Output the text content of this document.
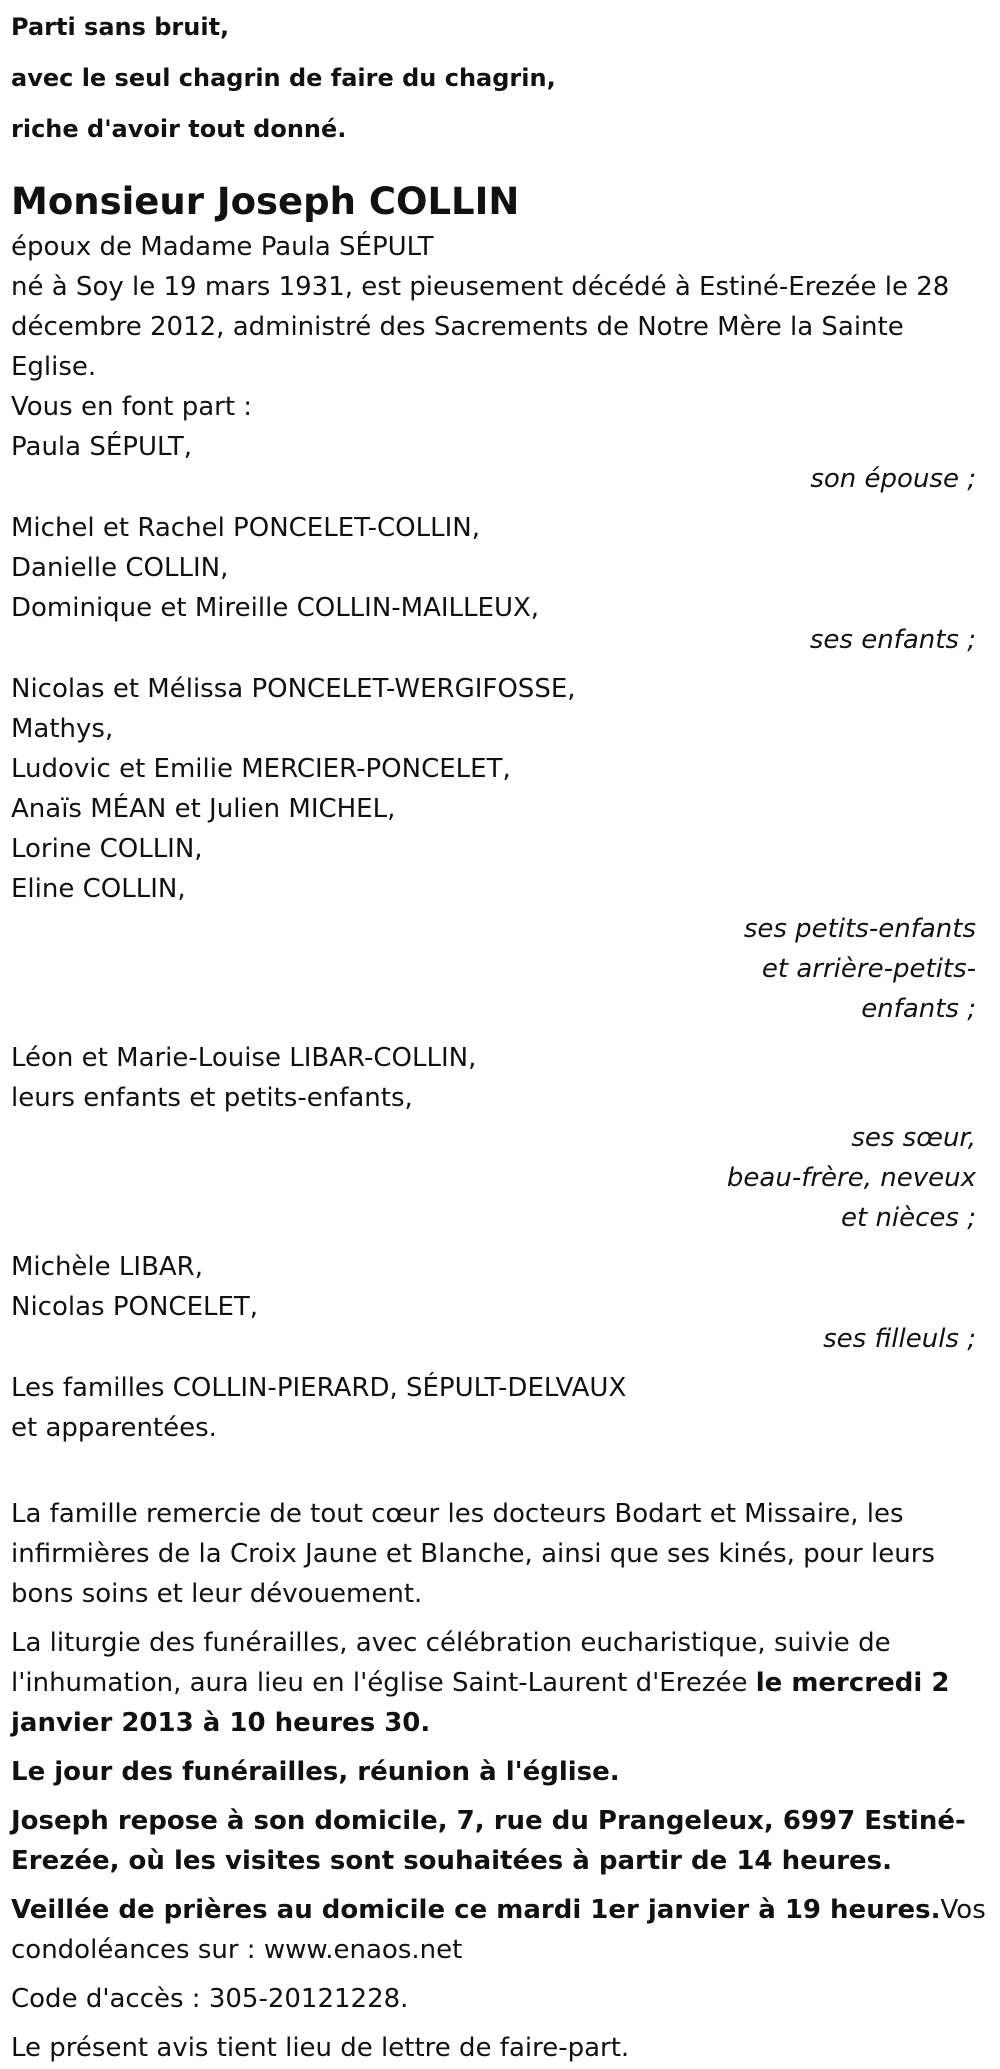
Parti sans bruit,

avec le seul chagrin de faire du chagrin,

riche d'avoir tout donné.

Monsieur Joseph COLLIN

époux de Madame Paula SÉPULT

né à Soy le 19 mars 1931, est pieusement décédé à Estiné-Erezée le 28 décembre 2012, administré des Sacrements de Notre Mère la Sainte Eglise.

Vous en font part :
Paula SÉPULT,
son épouse ;
Michel et Rachel PONCELET-COLLIN,
Danielle COLLIN,
Dominique et Mireille COLLIN-MAILLEUX,
ses enfants ;
Nicolas et Mélissa PONCELET-WERGIFOSSE,
Mathys,
Ludovic et Emilie MERCIER-PONCELET,
Anaïs MÉAN et Julien MICHEL,
Lorine COLLIN,
Eline COLLIN,
ses petits-enfants
et arrière-petits-
enfants ;
Léon et Marie-Louise LIBAR-COLLIN,
leurs enfants et petits-enfants,
ses sœur,
beau-frère, neveux
et nièces ;
Michèle LIBAR,
Nicolas PONCELET,
ses filleuls ;
Les familles COLLIN-PIERARD, SÉPULT-DELVAUX
et apparentées.

La famille remercie de tout cœur les docteurs Bodart et Missaire, les infirmières de la Croix Jaune et Blanche, ainsi que ses kinés, pour leurs bons soins et leur dévouement.

La liturgie des funérailles, avec célébration eucharistique, suivie de l'inhumation, aura lieu en l'église Saint-Laurent d'Erezée le mercredi 2 janvier 2013 à 10 heures 30.

Le jour des funérailles, réunion à l'église.

Joseph repose à son domicile, 7, rue du Prangeleux, 6997 Estiné-Erezée, où les visites sont souhaitées à partir de 14 heures.

Veillée de prières au domicile ce mardi 1er janvier à 19 heures.Vos condoléances sur : www.enaos.net

Code d'accès : 305-20121228.

Le présent avis tient lieu de lettre de faire-part.
